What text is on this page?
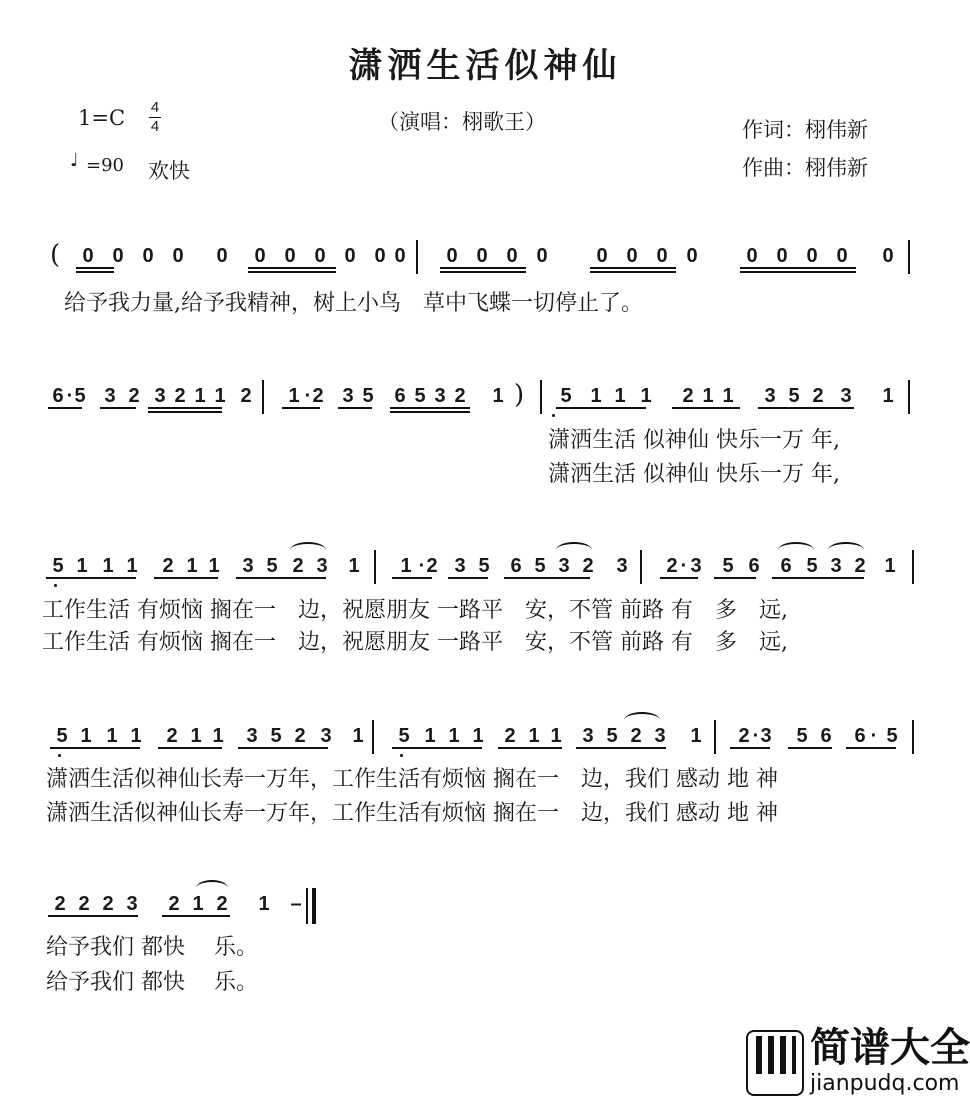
潇洒生活似神仙
1=C 4
4	（演唱：栩歌王）	作词：栩伟新
♩ =90 欢快	作曲：栩伟新
( 0 0 0 0 0 0 0 0 0 0 0 0 0 0 0 0 0 0 0 0 0 0 0 0
给予我力量,给予我精神，树上小鸟　草中飞蝶一切停止了。
6 · 5 3 2 3 2 1 1 2 1 · 2 3 5 6 5 3 2 1 ) 5 1 1 1 2 1 1 3 5 2 3 1
潇洒生活 似神仙 快乐一万 年,
潇洒生活 似神仙 快乐一万 年,
5 1 1 1 2 1 1 3 5 2 3 1 1 · 2 3 5 6 5 3 2 3 2 · 3 5 6 6 5 3 2 1
工作生活 有烦恼 搁在一　边，祝愿朋友 一路平　安，不管 前路 有　多　远,
工作生活 有烦恼 搁在一　边，祝愿朋友 一路平　安，不管 前路 有　多　远,
5 1 1 1 2 1 1 3 5 2 3 1 5 1 1 1 2 1 1 3 5 2 3 1 2 · 3 5 6 6 · 5
潇洒生活似神仙长寿一万年，工作生活有烦恼 搁在一　边，我们 感动 地 神
潇洒生活似神仙长寿一万年，工作生活有烦恼 搁在一　边，我们 感动 地 神
2 2 2 3 2 1 2 1 –
给予我们 都快　 乐。
给予我们 都快　 乐。
简谱大全
jianpudq.com
